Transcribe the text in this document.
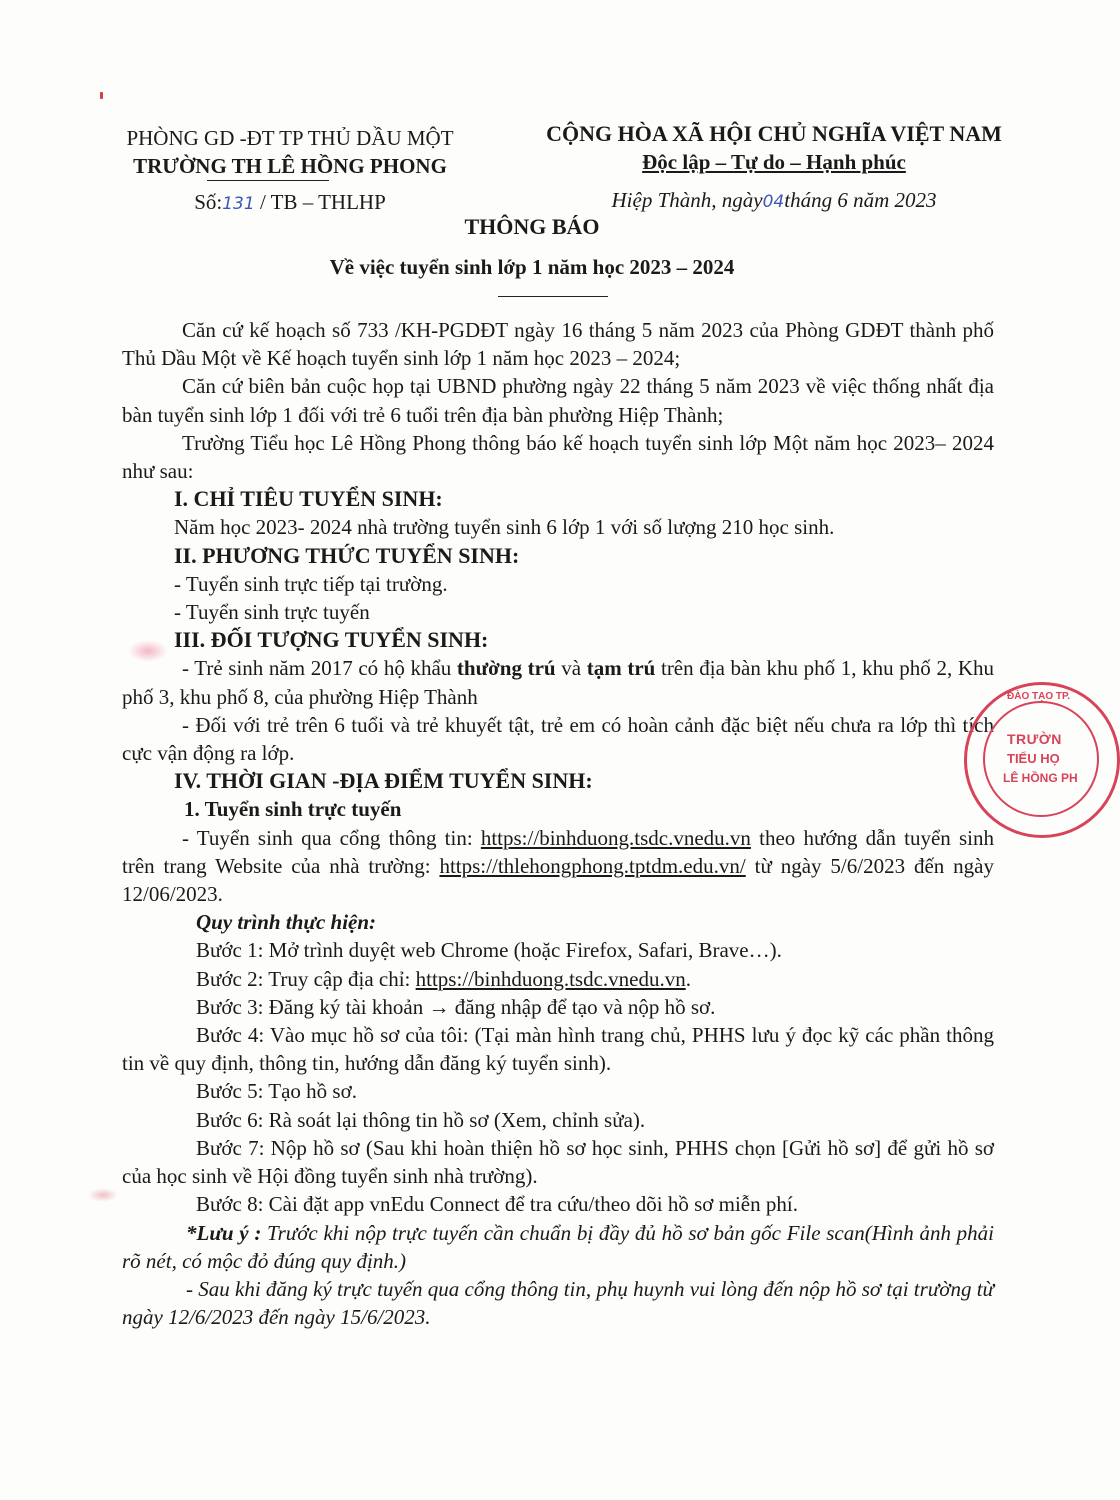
PHÒNG GD -ĐT TP THỦ DẦU MỘT
TRƯỜNG TH LÊ HỒNG PHONG
Số:131 / TB – THLHP
CỘNG HÒA XÃ HỘI CHỦ NGHĨA VIỆT NAM
Độc lập – Tự do – Hạnh phúc
Hiệp Thành, ngày04tháng 6 năm 2023
THÔNG BÁO
Về việc tuyển sinh lớp 1 năm học 2023 – 2024

Căn cứ kế hoạch số 733 /KH-PGDĐT ngày 16 tháng 5 năm 2023 của Phòng GDĐT thành phố Thủ Dầu Một về Kế hoạch tuyển sinh lớp 1 năm học 2023 – 2024;

Căn cứ biên bản cuộc họp tại UBND phường ngày 22 tháng 5 năm 2023 về việc thống nhất địa bàn tuyển sinh lớp 1 đối với trẻ 6 tuổi trên địa bàn phường Hiệp Thành;

Trường Tiểu học Lê Hồng Phong thông báo kế hoạch tuyển sinh lớp Một năm học 2023– 2024 như sau:

I. CHỈ TIÊU TUYỂN SINH:

Năm học 2023- 2024 nhà trường tuyển sinh 6 lớp 1 với số lượng 210 học sinh.

II. PHƯƠNG THỨC TUYỂN SINH:

- Tuyển sinh trực tiếp tại trường.

- Tuyển sinh trực tuyến

III. ĐỐI TƯỢNG TUYỂN SINH:

- Trẻ sinh năm 2017 có hộ khẩu thường trú và tạm trú trên địa bàn khu phố 1, khu phố 2, Khu phố 3, khu phố 8, của phường Hiệp Thành

- Đối với trẻ trên 6 tuổi và trẻ khuyết tật, trẻ em có hoàn cảnh đặc biệt nếu chưa ra lớp thì tích cực vận động ra lớp.

IV. THỜI GIAN -ĐỊA ĐIỂM TUYỂN SINH:

1. Tuyển sinh trực tuyến

- Tuyển sinh qua cổng thông tin: https://binhduong.tsdc.vnedu.vn theo hướng dẫn tuyển sinh trên trang Website của nhà trường: https://thlehongphong.tptdm.edu.vn/ từ ngày 5/6/2023 đến ngày 12/06/2023.

Quy trình thực hiện:

Bước 1: Mở trình duyệt web Chrome (hoặc Firefox, Safari, Brave…).

Bước 2: Truy cập địa chỉ: https://binhduong.tsdc.vnedu.vn.

Bước 3: Đăng ký tài khoản → đăng nhập để tạo và nộp hồ sơ.

Bước 4: Vào mục hồ sơ của tôi: (Tại màn hình trang chủ, PHHS lưu ý đọc kỹ các phần thông tin về quy định, thông tin, hướng dẫn đăng ký tuyển sinh).

Bước 5: Tạo hồ sơ.

Bước 6: Rà soát lại thông tin hồ sơ (Xem, chỉnh sửa).

Bước 7: Nộp hồ sơ (Sau khi hoàn thiện hồ sơ học sinh, PHHS chọn [Gửi hồ sơ] để gửi hồ sơ của học sinh về Hội đồng tuyển sinh nhà trường).

Bước 8: Cài đặt app vnEdu Connect để tra cứu/theo dõi hồ sơ miễn phí.

*Lưu ý : Trước khi nộp trực tuyến cần chuẩn bị đầy đủ hồ sơ bản gốc File scan(Hình ảnh phải rõ nét, có mộc đỏ đúng quy định.)

- Sau khi đăng ký trực tuyến qua cổng thông tin, phụ huynh vui lòng đến nộp hồ sơ tại trường từ ngày 12/6/2023 đến ngày 15/6/2023.

ĐÀO TẠO TP.
TRƯỜN
TIỂU HỌ
LÊ HỒNG PH
